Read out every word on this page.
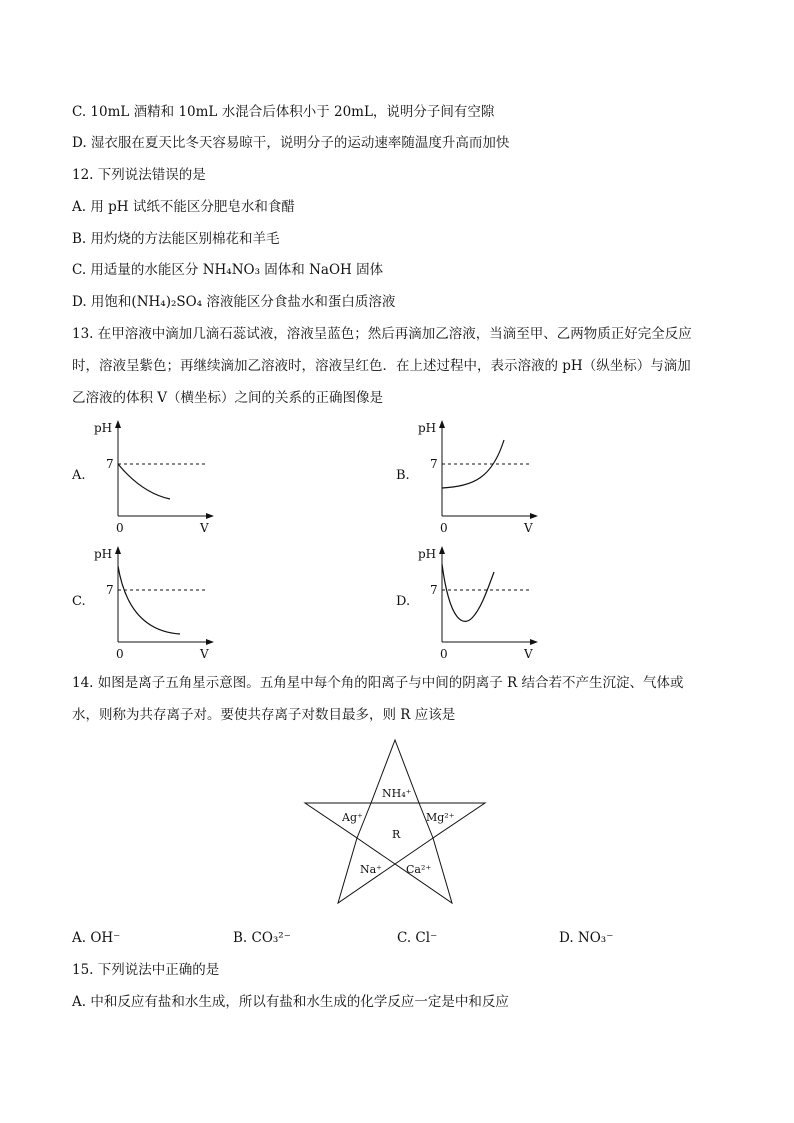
C. 10mL 酒精和 10mL 水混合后体积小于 20mL，说明分子间有空隙
D. 湿衣服在夏天比冬天容易晾干，说明分子的运动速率随温度升高而加快
12. 下列说法错误的是
A. 用 pH 试纸不能区分肥皂水和食醋
B. 用灼烧的方法能区别棉花和羊毛
C. 用适量的水能区分 NH₄NO₃ 固体和 NaOH 固体
D. 用饱和(NH₄)₂SO₄ 溶液能区分食盐水和蛋白质溶液
13. 在甲溶液中滴加几滴石蕊试液，溶液呈蓝色；然后再滴加乙溶液，当滴至甲、乙两物质正好完全反应
时，溶液呈紫色；再继续滴加乙溶液时，溶液呈红色．在上述过程中，表示溶液的 pH（纵坐标）与滴加
乙溶液的体积 V（横坐标）之间的关系的正确图像是
A.
pH
7
0	V
B.
pH
7
0	V
C.
pH
7
0	V
D.
pH
7
0	V
14. 如图是离子五角星示意图。五角星中每个角的阳离子与中间的阴离子 R 结合若不产生沉淀、气体或
水，则称为共存离子对。要使共存离子对数目最多，则 R 应该是
NH₄⁺
Ag⁺	Mg²⁺
R
Na⁺ Ca²⁺
A. OH⁻	B. CO₃²⁻	C. Cl⁻	D. NO₃⁻
15. 下列说法中正确的是
A. 中和反应有盐和水生成，所以有盐和水生成的化学反应一定是中和反应
